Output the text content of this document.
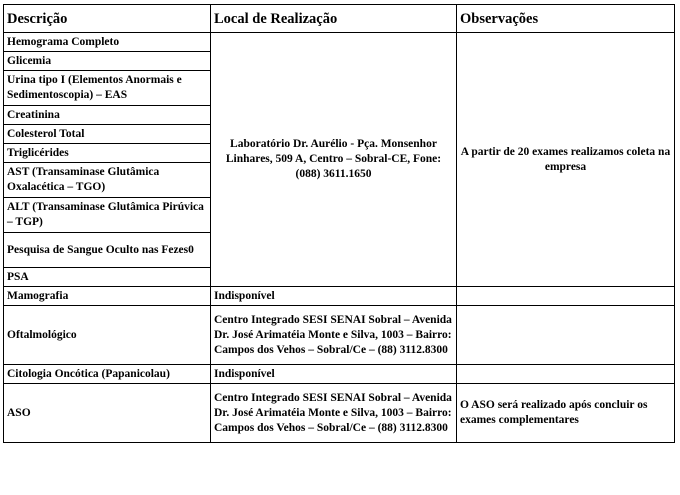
Descrição	Local de Realização	Observações
Hemograma Completo	Laboratório Dr. Aurélio - Pça. Monsenhor Linhares, 509 A, Centro – Sobral-CE, Fone: (088) 3611.1650	A partir de 20 exames realizamos coleta na empresa
Glicemia		
Urina tipo I (Elementos Anormais e Sedimentoscopia) – EAS		
Creatinina		
Colesterol Total		
Triglicérides		
AST (Transaminase Glutâmica Oxalacética – TGO)		
ALT (Transaminase Glutâmica Pirúvica – TGP)		
Pesquisa de Sangue Oculto nas Fezes0		
PSA		
Mamografia	Indisponível	
Oftalmológico	Centro Integrado SESI SENAI Sobral – Avenida Dr. José Arimatéia Monte e Silva, 1003 – Bairro: Campos dos Vehos – Sobral/Ce – (88) 3112.8300	
Citologia Oncótica (Papanicolau)	Indisponível	
ASO	Centro Integrado SESI SENAI Sobral – Avenida Dr. José Arimatéia Monte e Silva, 1003 – Bairro: Campos dos Vehos – Sobral/Ce – (88) 3112.8300	O ASO será realizado após concluir os exames complementares
